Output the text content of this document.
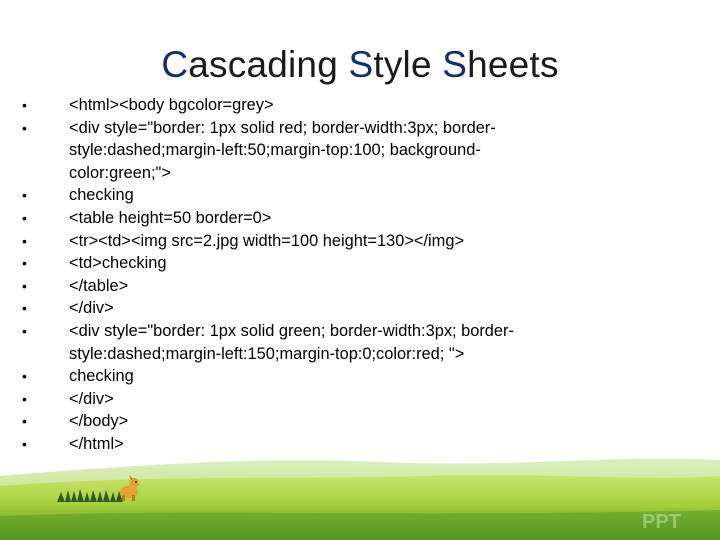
Cascading Style Sheets
•	<html><body bgcolor=grey>
•	<div style="border: 1px solid red; border-width:3px; border-
style:dashed;margin-left:50;margin-top:100; background-
color:green;">
•	checking
•	<table height=50 border=0>
•	<tr><td><img src=2.jpg width=100 height=130></img>
•	<td>checking
•	</table>
•	</div>
•	<div style="border: 1px solid green; border-width:3px; border-
style:dashed;margin-left:150;margin-top:0;color:red; ">
•	checking
•	</div>
•	</body>
•	</html>
PPT
